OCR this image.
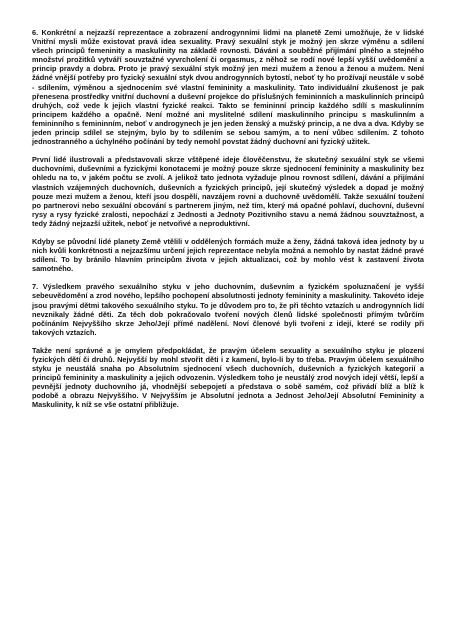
6. Konkrétní a nejzazší reprezentace a zobrazení androgynními lidmi na planetě Zemi umožňuje, že v lidské Vnitřní mysli může existovat pravá idea sexuality. Pravý sexuální styk je možný jen skrze výměnu a sdílení všech principů femeninity a maskulinity na základě rovnosti. Dávání a souběžné přijímání plného a stejného množství prožitků vytváří souvztažné vyvrcholení či orgasmus, z něhož se rodí nové lepší vyšší uvědomění a princip pravdy a dobra. Proto je pravý sexuální styk možný jen mezi mužem a ženou a ženou a mužem. Není žádné vnější potřeby pro fyzický sexuální styk dvou androgynních bytostí, neboť ty ho prožívají neustále v sobě - sdílením, výměnou a sjednocením své vlastní femininity a maskulinity. Tato individuální zkušenost je pak přenesena prostředky vnitřní duchovní a duševní projekce do příslušných femininních a maskulinních principů druhých, což vede k jejich vlastní fyzické reakci. Takto se femininní princip každého sdílí s maskulinním principem každého a opačně. Není možné ani myslitelné sdílení maskulinního principu s maskulinním a femininního s femininním, neboť v androgynech je jen jeden ženský a mužský princip, a ne dva a dva. Kdyby se jeden princip sdílel se stejným, bylo by to sdílením se sebou samým, a to není vůbec sdílením. Z tohoto jednostranného a úchylného počínání by tedy nemohl povstat žádný duchovní ani fyzický užitek.

První lidé ilustrovali a představovali skrze vštěpené ideje člověčenstvu, že skutečný sexuální styk se všemi duchovními, duševními a fyzickými konotacemi je možný pouze skrze sjednocení femininity a maskulinity bez ohledu na to, v jakém počtu se zvolí. A jelikož tato jednota vyžaduje plnou rovnost sdílení, dávání a přijímání vlastních vzájemných duchovních, duševních a fyzických principů, její skutečný výsledek a dopad je možný pouze mezi mužem a ženou, kteří jsou dospělí, navzájem rovni a duchovně uvědomělí. Takže sexuální toužení po partnerovi nebo sexuální obcování s partnerem jiným, než tím, který má opačné pohlaví, duchovní, duševní rysy a rysy fyzické zralosti, nepochází z Jednosti a Jednoty Pozitivního stavu a nemá žádnou souvztažnost, a tedy žádný nejzazší užitek, neboť je netvořivé a neproduktivní.

Kdyby se původní lidé planety Země vtělili v oddělených formách muže a ženy, žádná taková idea jednoty by u nich kvůli konkrétnosti a nejzazšímu určení jejich reprezentace nebyla možná a nemohlo by nastat žádné pravé sdílení. To by bránilo hlavním principům života v jejich aktualizaci, což by mohlo vést k zastavení života samotného.

7. Výsledkem pravého sexuálního styku v jeho duchovním, duševním a fyzickém spoluznačení je vyšší sebeuvědomění a zrod nového, lepšího pochopení absolutnosti jednoty femininity a maskulinity. Takovéto ideje jsou pravými dětmi takového sexuálního styku. To je důvodem pro to, že při těchto vztazích u androgynních lidí nevznikaly žádné děti. Za těch dob pokračovalo tvoření nových členů lidské společnosti přímým tvůrčím počínáním Nejvyššího skrze Jeho/Její přímé nadělení. Noví členové byli tvořeni z idejí, které se rodily při takových vztazích.

Takže není správné a je omylem předpokládat, že pravým účelem sexuality a sexuálního styku je plození fyzických dětí či druhů. Nejvyšší by mohl stvořit děti i z kamení, bylo-li by to třeba. Pravým účelem sexuálního styku je neustálá snaha po Absolutním sjednocení všech duchovních, duševních a fyzických kategorií a principů femininity a maskulinity a jejich odvozenin. Výsledkem toho je neustálý zrod nových idejí větší, lepší a pevnější jednoty duchovního já, vhodnější sebepojetí a představa o sobě samém, což přivádí blíž a blíž k podobě a obrazu Nejvyššího. V Nejvyšším je Absolutní jednota a Jednost Jeho/Její Absolutní Femininity a Maskulinity, k níž se vše ostatní přibližuje.
